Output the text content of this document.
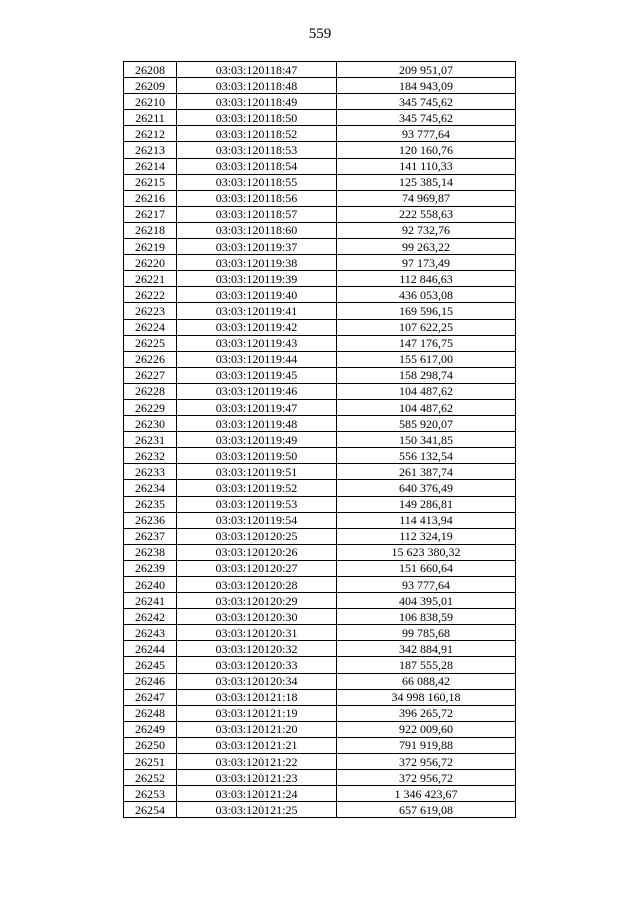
559
26208	03:03:120118:47	209 951,07
26209	03:03:120118:48	184 943,09
26210	03:03:120118:49	345 745,62
26211	03:03:120118:50	345 745,62
26212	03:03:120118:52	93 777,64
26213	03:03:120118:53	120 160,76
26214	03:03:120118:54	141 110,33
26215	03:03:120118:55	125 385,14
26216	03:03:120118:56	74 969,87
26217	03:03:120118:57	222 558,63
26218	03:03:120118:60	92 732,76
26219	03:03:120119:37	99 263,22
26220	03:03:120119:38	97 173,49
26221	03:03:120119:39	112 846,63
26222	03:03:120119:40	436 053,08
26223	03:03:120119:41	169 596,15
26224	03:03:120119:42	107 622,25
26225	03:03:120119:43	147 176,75
26226	03:03:120119:44	155 617,00
26227	03:03:120119:45	158 298,74
26228	03:03:120119:46	104 487,62
26229	03:03:120119:47	104 487,62
26230	03:03:120119:48	585 920,07
26231	03:03:120119:49	150 341,85
26232	03:03:120119:50	556 132,54
26233	03:03:120119:51	261 387,74
26234	03:03:120119:52	640 376,49
26235	03:03:120119:53	149 286,81
26236	03:03:120119:54	114 413,94
26237	03:03:120120:25	112 324,19
26238	03:03:120120:26	15 623 380,32
26239	03:03:120120:27	151 660,64
26240	03:03:120120:28	93 777,64
26241	03:03:120120:29	404 395,01
26242	03:03:120120:30	106 838,59
26243	03:03:120120:31	99 785,68
26244	03:03:120120:32	342 884,91
26245	03:03:120120:33	187 555,28
26246	03:03:120120:34	66 088,42
26247	03:03:120121:18	34 998 160,18
26248	03:03:120121:19	396 265,72
26249	03:03:120121:20	922 009,60
26250	03:03:120121:21	791 919,88
26251	03:03:120121:22	372 956,72
26252	03:03:120121:23	372 956,72
26253	03:03:120121:24	1 346 423,67
26254	03:03:120121:25	657 619,08
